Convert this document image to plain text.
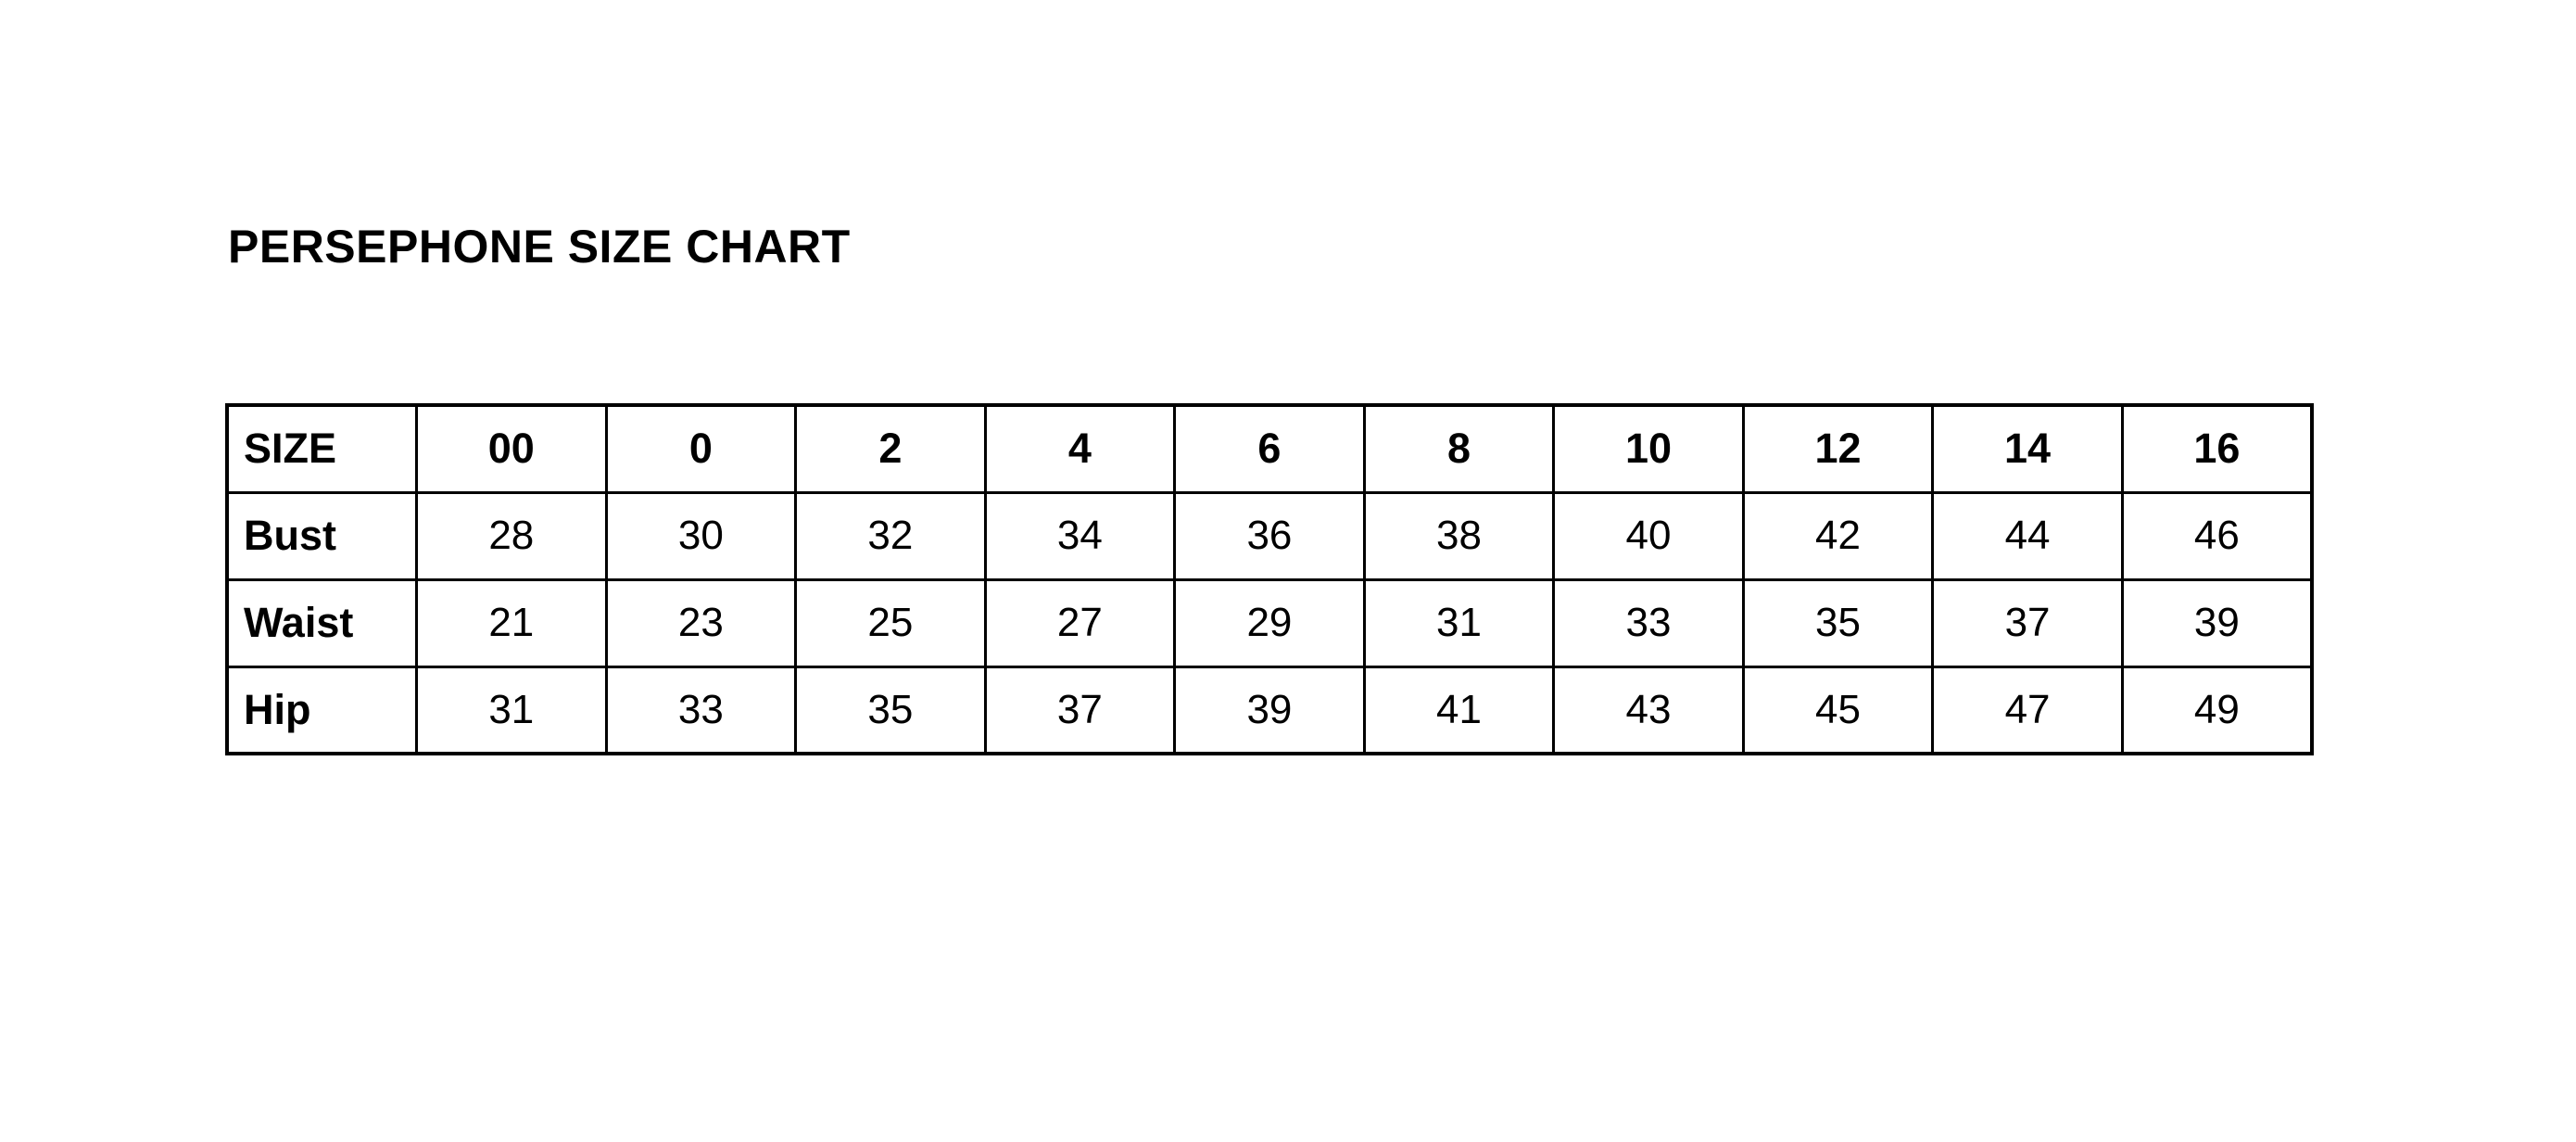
PERSEPHONE SIZE CHART
SIZE	00	0	2	4	6	8	10	12	14	16
Bust	28	30	32	34	36	38	40	42	44	46
Waist	21	23	25	27	29	31	33	35	37	39
Hip	31	33	35	37	39	41	43	45	47	49
